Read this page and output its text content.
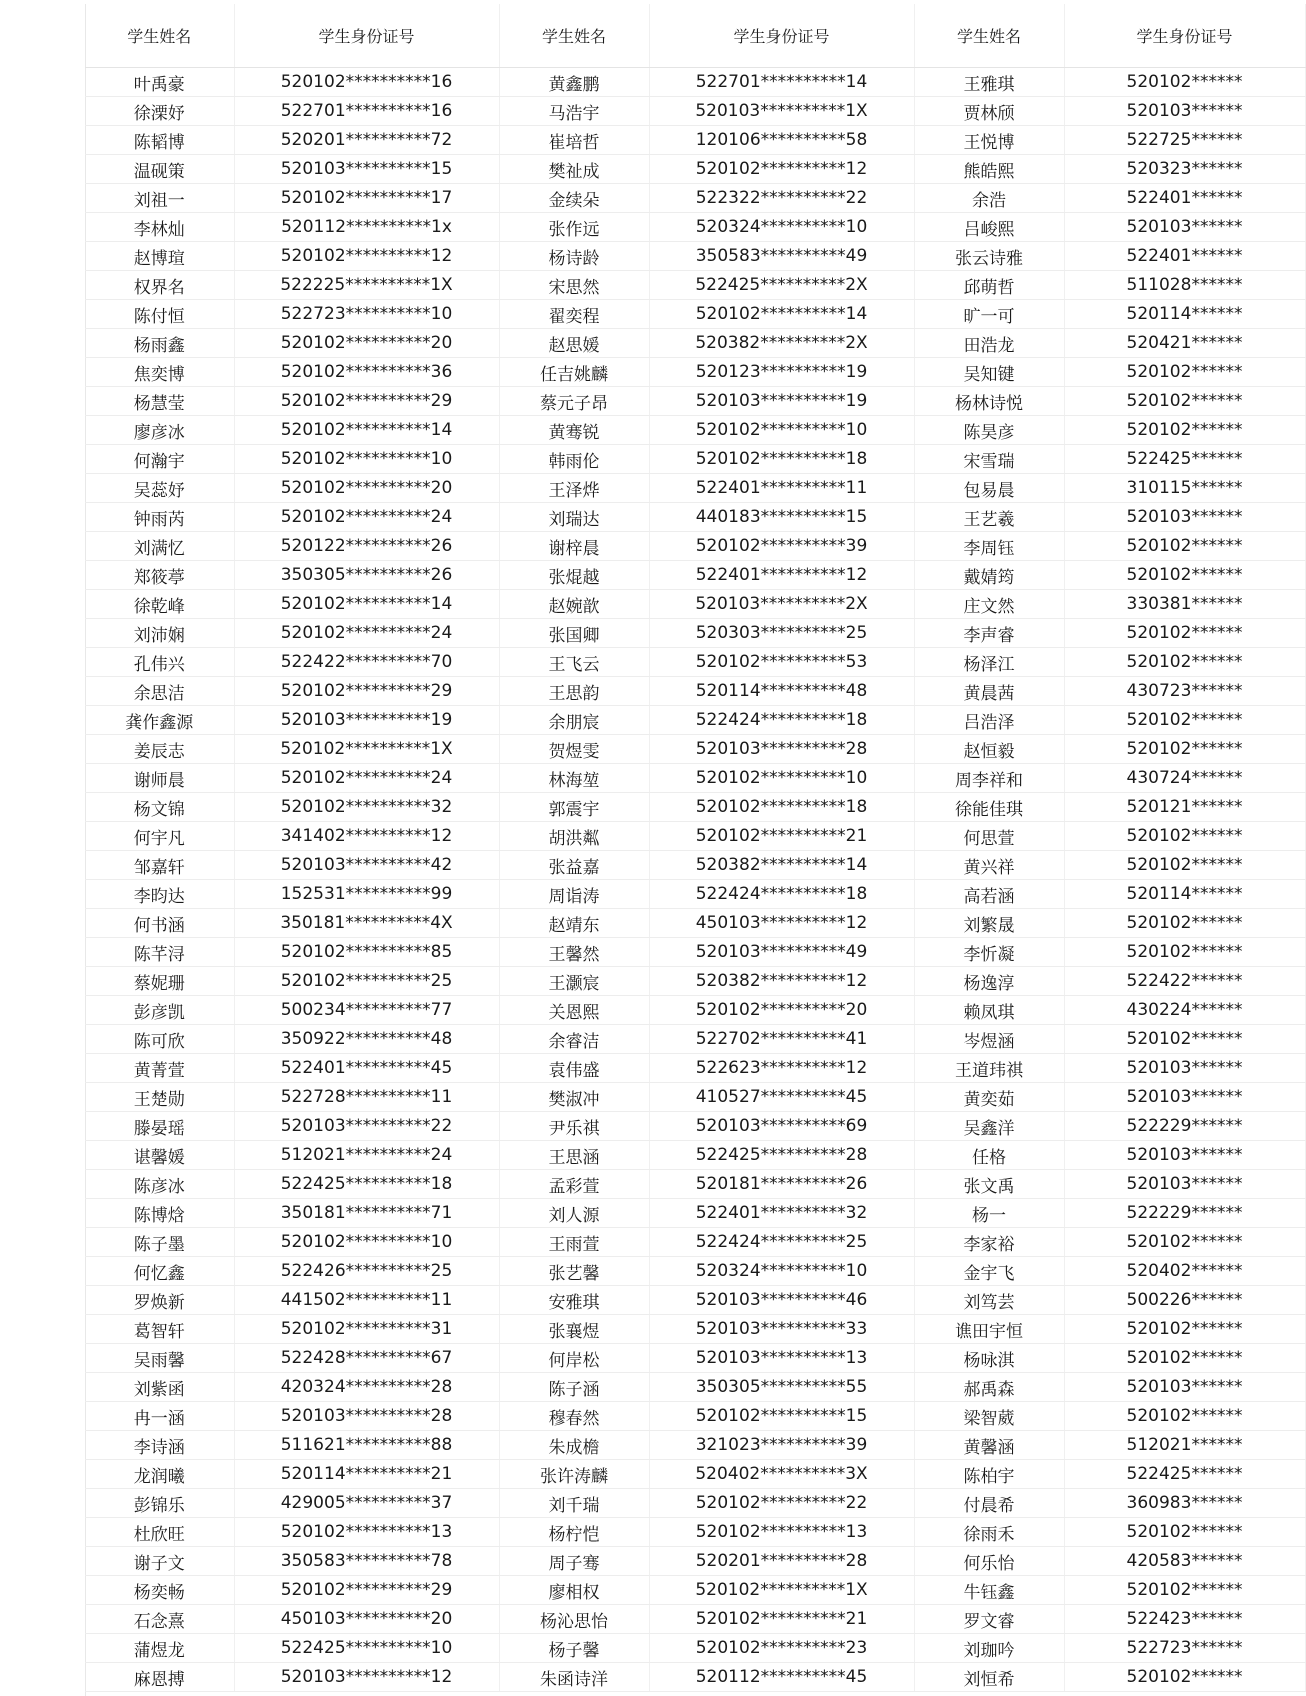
学生姓名	学生身份证号	学生姓名	学生身份证号	学生姓名	学生身份证号
叶禹豪	520102**********16	黄鑫鹏	522701**********14	王雅琪	520102******
徐溧妤	522701**********16	马浩宇	520103**********1X	贾林颀	520103******
陈韬博	520201**********72	崔培哲	120106**********58	王悦博	522725******
温砚策	520103**********15	樊祉成	520102**********12	熊皓熙	520323******
刘祖一	520102**********17	金续朵	522322**********22	余浩	522401******
李林灿	520112**********1x	张作远	520324**********10	吕峻熙	520103******
赵博瑄	520102**********12	杨诗龄	350583**********49	张云诗雅	522401******
权界名	522225**********1X	宋思然	522425**********2X	邱萌哲	511028******
陈付恒	522723**********10	翟奕程	520102**********14	旷一可	520114******
杨雨鑫	520102**********20	赵思媛	520382**********2X	田浩龙	520421******
焦奕博	520102**********36	任吉姚麟	520123**********19	吴知键	520102******
杨慧莹	520102**********29	蔡元子昂	520103**********19	杨林诗悦	520102******
廖彦冰	520102**********14	黄骞锐	520102**********10	陈昊彦	520102******
何瀚宇	520102**********10	韩雨伦	520102**********18	宋雪瑞	522425******
吴蕊妤	520102**********20	王泽烨	522401**********11	包易晨	310115******
钟雨芮	520102**********24	刘瑞达	440183**********15	王艺羲	520103******
刘满忆	520122**********26	谢梓晨	520102**********39	李周钰	520102******
郑筱葶	350305**********26	张焜越	522401**********12	戴婧筠	520102******
徐乾峰	520102**********14	赵婉歆	520103**********2X	庄文然	330381******
刘沛娴	520102**********24	张国卿	520303**********25	李声睿	520102******
孔伟兴	522422**********70	王飞云	520102**********53	杨泽江	520102******
余思洁	520102**********29	王思韵	520114**********48	黄晨茜	430723******
龚作鑫源	520103**********19	余朋宸	522424**********18	吕浩泽	520102******
姜辰志	520102**********1X	贺煜雯	520103**********28	赵恒毅	520102******
谢师晨	520102**********24	林海堃	520102**********10	周李祥和	430724******
杨文锦	520102**********32	郭震宇	520102**********18	徐能佳琪	520121******
何宇凡	341402**********12	胡洪粼	520102**********21	何思萱	520102******
邹嘉轩	520103**********42	张益嘉	520382**********14	黄兴祥	520102******
李昀达	152531**********99	周诣涛	522424**********18	高若涵	520114******
何书涵	350181**********4X	赵靖东	450103**********12	刘繁晟	520102******
陈芊浔	520102**********85	王馨然	520103**********49	李忻凝	520102******
蔡妮珊	520102**********25	王灏宸	520382**********12	杨逸淳	522422******
彭彦凯	500234**********77	关恩熙	520102**********20	赖凤琪	430224******
陈可欣	350922**********48	余睿洁	522702**********41	岑煜涵	520102******
黄菁萱	522401**********45	袁伟盛	522623**********12	王道玮祺	520103******
王楚勋	522728**********11	樊淑冲	410527**********45	黄奕茹	520103******
滕晏瑶	520103**********22	尹乐祺	520103**********69	吴鑫洋	522229******
谌馨媛	512021**********24	王思涵	522425**********28	任格	520103******
陈彦冰	522425**********18	孟彩萱	520181**********26	张文禹	520103******
陈博焓	350181**********71	刘人源	522401**********32	杨一	522229******
陈子墨	520102**********10	王雨萱	522424**********25	李家裕	520102******
何忆鑫	522426**********25	张艺馨	520324**********10	金宇飞	520402******
罗焕新	441502**********11	安雅琪	520103**********46	刘笃芸	500226******
葛智轩	520102**********31	张襄煜	520103**********33	谯田宇恒	520102******
吴雨馨	522428**********67	何岸松	520103**********13	杨咏淇	520102******
刘紫函	420324**********28	陈子涵	350305**********55	郝禹森	520103******
冉一涵	520103**********28	穆春然	520102**********15	梁智葳	520102******
李诗涵	511621**********88	朱成檐	321023**********39	黄馨涵	512021******
龙润曦	520114**********21	张许涛麟	520402**********3X	陈柏宇	522425******
彭锦乐	429005**********37	刘千瑞	520102**********22	付晨希	360983******
杜欣旺	520102**********13	杨柠恺	520102**********13	徐雨禾	520102******
谢子文	350583**********78	周子骞	520201**********28	何乐怡	420583******
杨奕畅	520102**********29	廖相权	520102**********1X	牛钰鑫	520102******
石念熹	450103**********20	杨沁思怡	520102**********21	罗文睿	522423******
蒲煜龙	522425**********10	杨子馨	520102**********23	刘珈吟	522723******
麻恩搏	520103**********12	朱函诗洋	520112**********45	刘恒希	520102******
